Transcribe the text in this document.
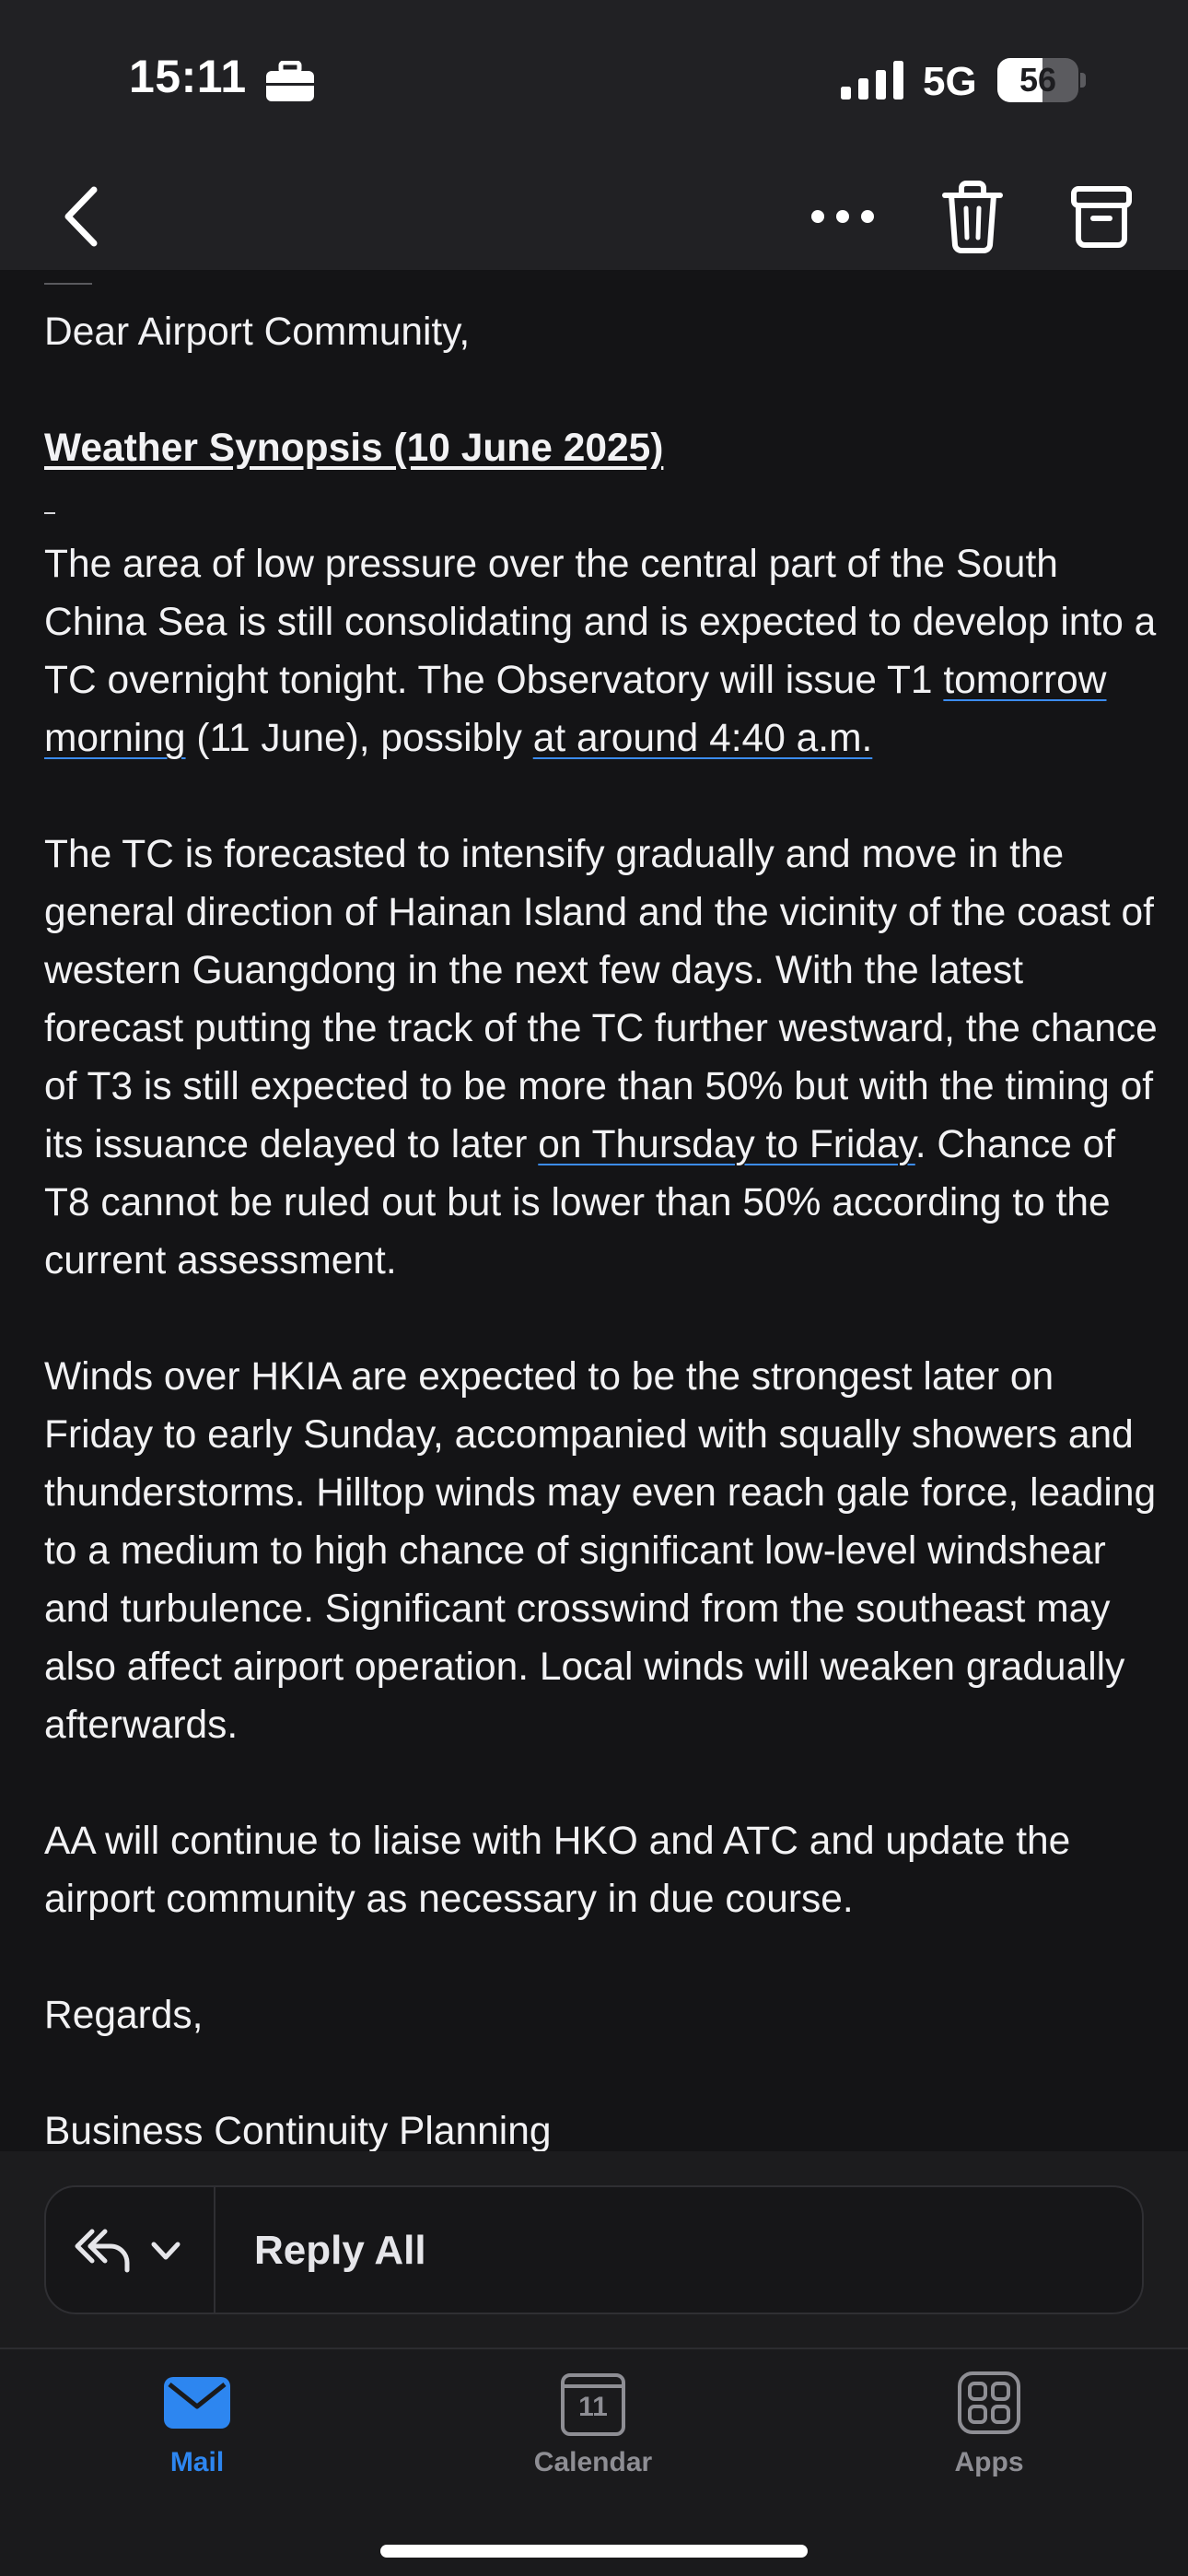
15:11	5G	56

Dear Airport Community,

Weather Synopsis (10 June 2025)

The area of low pressure over the central part of the South China Sea is still consolidating and is expected to develop into a TC overnight tonight. The Observatory will issue T1 tomorrow morning (11 June), possibly at around 4:40 a.m.

The TC is forecasted to intensify gradually and move in the general direction of Hainan Island and the vicinity of the coast of western Guangdong in the next few days. With the latest forecast putting the track of the TC further westward, the chance of T3 is still expected to be more than 50% but with the timing of its issuance delayed to later on Thursday to Friday. Chance of T8 cannot be ruled out but is lower than 50% according to the current assessment.

Winds over HKIA are expected to be the strongest later on Friday to early Sunday, accompanied with squally showers and thunderstorms. Hilltop winds may even reach gale force, leading to a medium to high chance of significant low-level windshear and turbulence. Significant crosswind from the southeast may also affect airport operation. Local winds will weaken gradually afterwards.

AA will continue to liaise with HKO and ATC and update the airport community as necessary in due course.

Regards,

Business Continuity Planning

Reply All
Mail
11
Calendar	Apps
